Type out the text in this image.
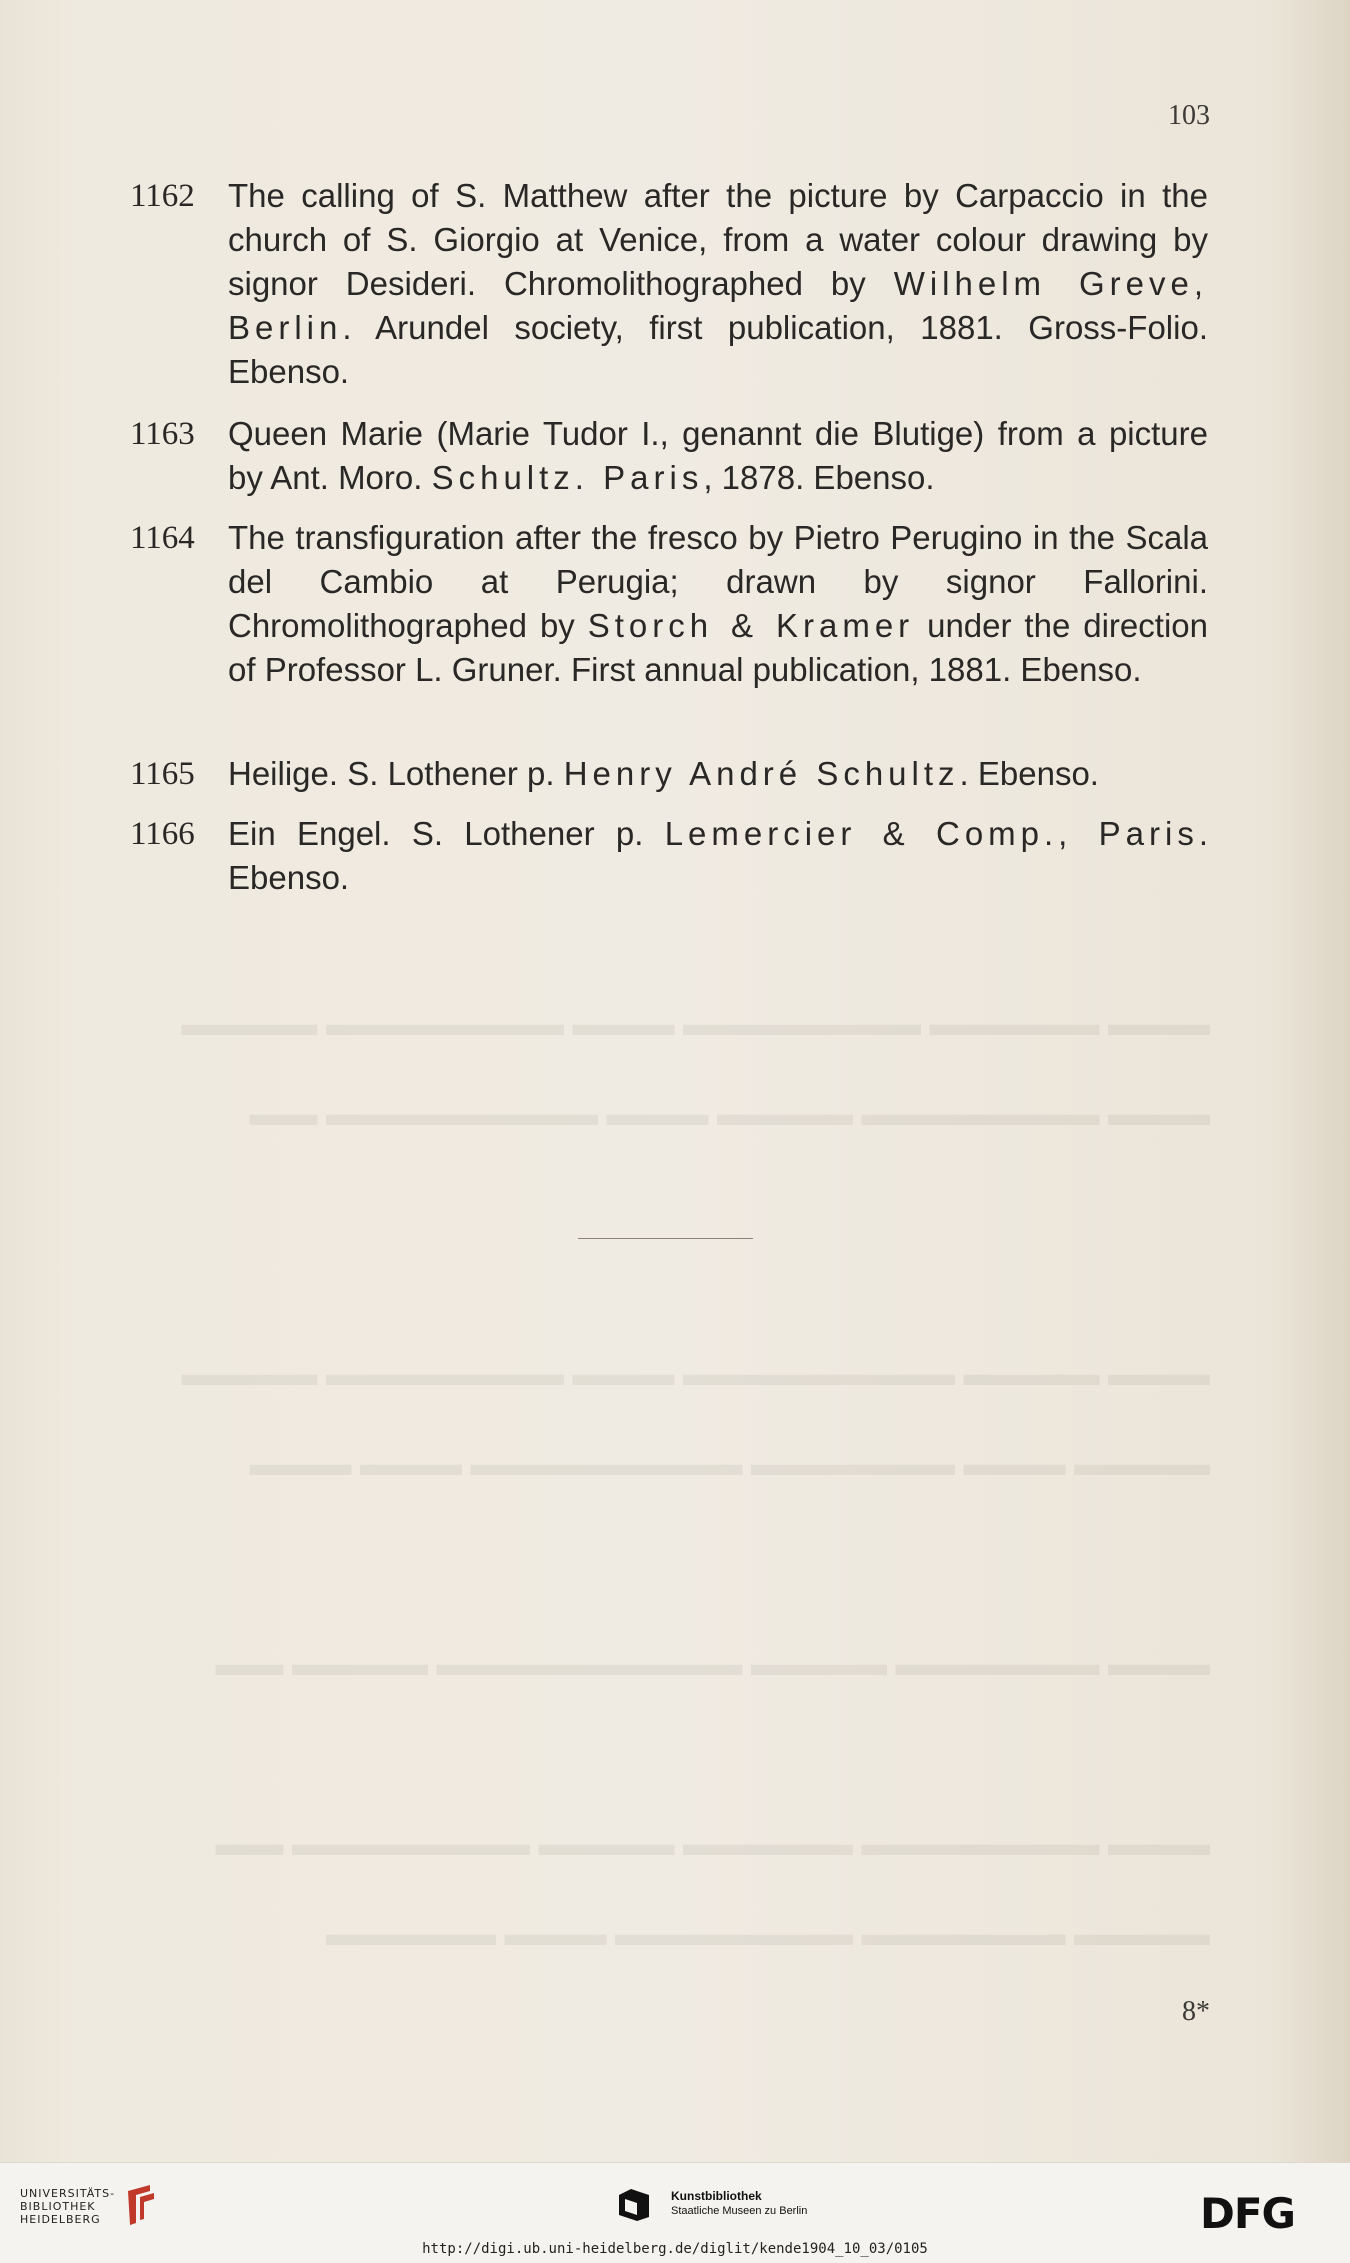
▬▬▬ ▬▬▬▬▬ ▬▬▬▬▬▬▬ ▬▬▬ ▬▬▬▬▬▬▬ ▬▬▬▬
▬▬▬ ▬▬▬▬▬▬▬ ▬▬▬▬ ▬▬▬ ▬▬▬▬▬▬▬▬ ▬▬
▬▬▬ ▬▬▬▬ ▬▬▬▬▬▬▬▬ ▬▬▬ ▬▬▬▬▬▬▬ ▬▬▬▬
▬▬▬▬ ▬▬▬ ▬▬▬▬▬▬ ▬▬▬▬▬▬▬▬ ▬▬▬ ▬▬▬
▬▬▬ ▬▬▬▬▬▬ ▬▬▬▬ ▬▬▬▬▬▬▬▬▬ ▬▬▬▬ ▬▬
▬▬▬ ▬▬▬▬▬▬▬ ▬▬▬▬▬ ▬▬▬▬ ▬▬▬▬▬▬▬ ▬▬
▬▬▬▬ ▬▬▬▬▬▬ ▬▬▬▬▬▬▬ ▬▬▬ ▬▬▬▬▬
103
1162	The calling of S. Matthew after the picture by Carpaccio in the church of S. Giorgio at Venice, from a water colour drawing by signor Desideri. Chromolithographed by Wilhelm Greve, Berlin. Arundel society, first publication, 1881. Gross-Folio. Ebenso.
1163	Queen Marie (Marie Tudor I., genannt die Blutige) from a picture by Ant. Moro. Schultz. Paris, 1878. Ebenso.
1164	The transfiguration after the fresco by Pietro Perugino in the Scala del Cambio at Perugia; drawn by signor Fallorini. Chromolithographed by Storch & Kramer under the direction of Professor L. Gruner. First annual publication, 1881. Ebenso.
1165	Heilige. S. Lothener p. Henry André Schultz. Ebenso.
1166	Ein Engel. S. Lothener p. Lemercier & Comp., Paris. Ebenso.
8*
UNIVERSITÄTS-
BIBLIOTHEK
HEIDELBERG
Kunstbibliothek
Staatliche Museen zu Berlin	DFG
http://digi.ub.uni-heidelberg.de/diglit/kende1904_10_03/0105
